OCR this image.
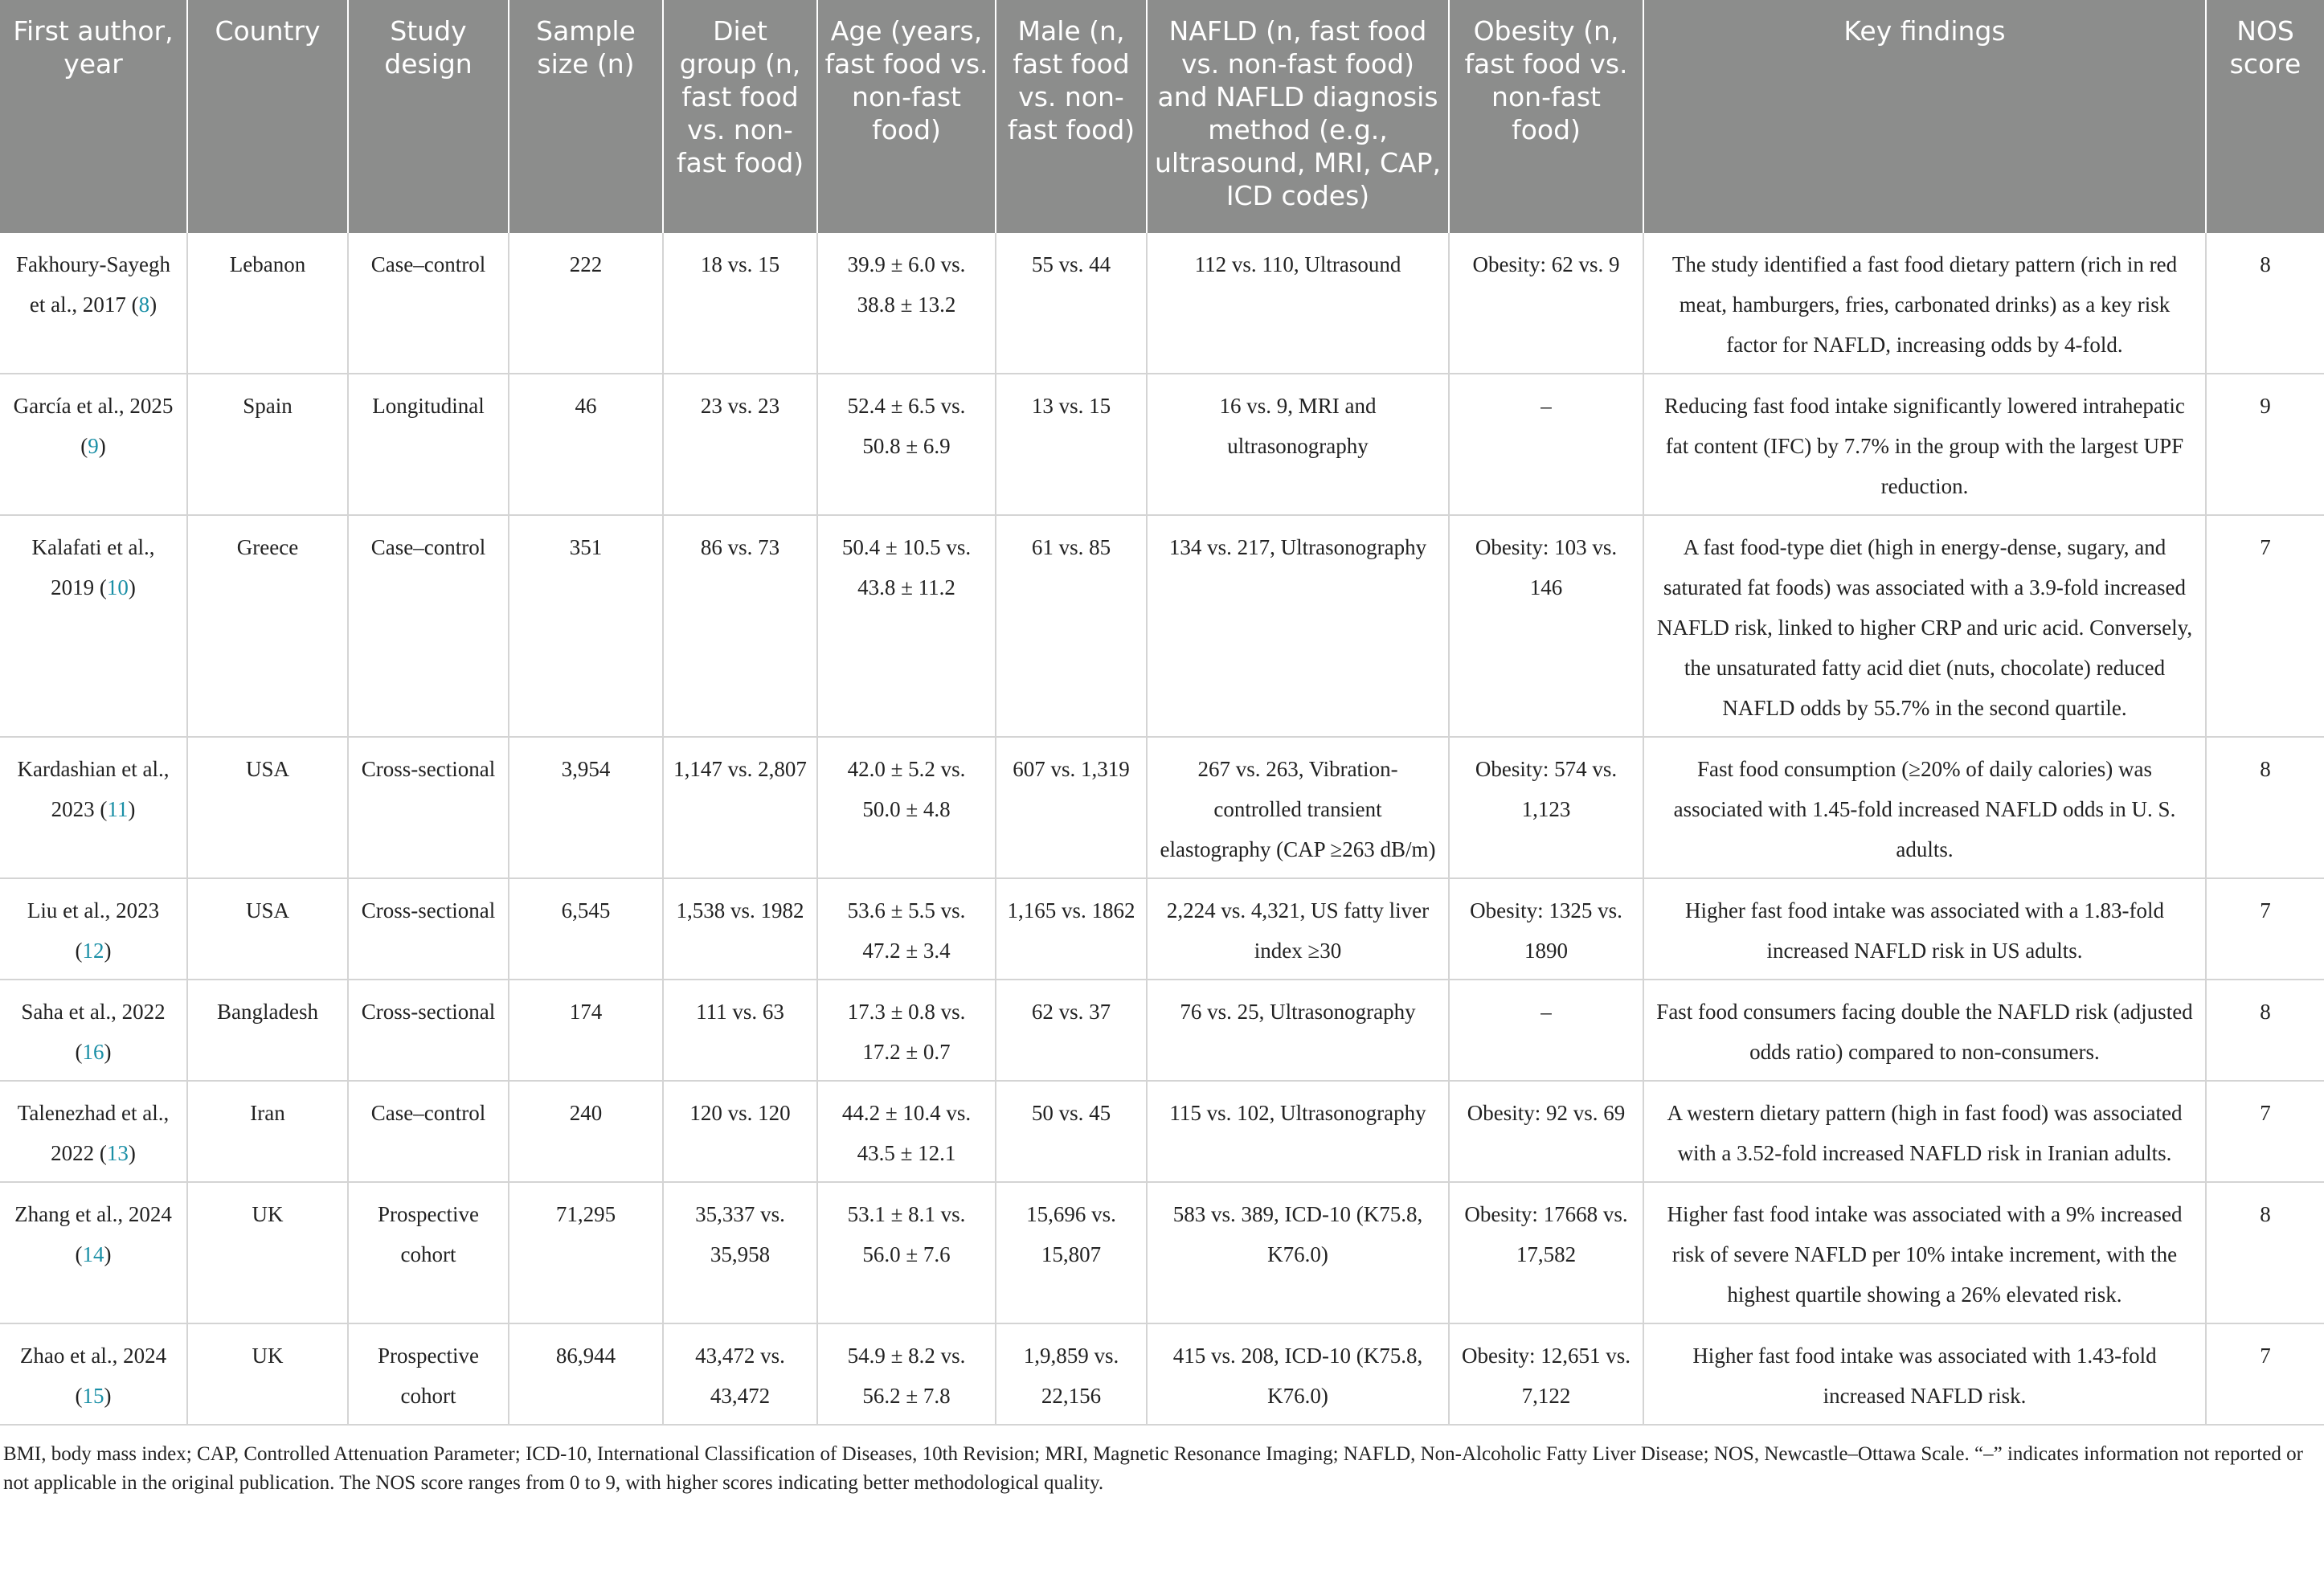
First author, year	Country	Study design	Sample size (n)	Diet group (n, fast food vs. non-fast food)	Age (years, fast food vs. non-fast food)	Male (n, fast food vs. non-fast food)	NAFLD (n, fast food vs. non-fast food) and NAFLD diagnosis method (e.g., ultrasound, MRI, CAP, ICD codes)	Obesity (n, fast food vs. non-fast food)	Key findings	NOS score
Fakhoury-Sayegh et al., 2017 (8)	Lebanon	Case–control	222	18 vs. 15	39.9 ± 6.0 vs. 38.8 ± 13.2	55 vs. 44	112 vs. 110, Ultrasound	Obesity: 62 vs. 9	The study identified a fast food dietary pattern (rich in red meat, hamburgers, fries, carbonated drinks) as a key risk factor for NAFLD, increasing odds by 4-fold.	8
García et al., 2025 (9)	Spain	Longitudinal	46	23 vs. 23	52.4 ± 6.5 vs. 50.8 ± 6.9	13 vs. 15	16 vs. 9, MRI and ultrasonography	–	Reducing fast food intake significantly lowered intrahepatic fat content (IFC) by 7.7% in the group with the largest UPF reduction.	9
Kalafati et al., 2019 (10)	Greece	Case–control	351	86 vs. 73	50.4 ± 10.5 vs. 43.8 ± 11.2	61 vs. 85	134 vs. 217, Ultrasonography	Obesity: 103 vs. 146	A fast food-type diet (high in energy-dense, sugary, and saturated fat foods) was associated with a 3.9-fold increased NAFLD risk, linked to higher CRP and uric acid. Conversely, the unsaturated fatty acid diet (nuts, chocolate) reduced NAFLD odds by 55.7% in the second quartile.	7
Kardashian et al., 2023 (11)	USA	Cross-sectional	3,954	1,147 vs. 2,807	42.0 ± 5.2 vs. 50.0 ± 4.8	607 vs. 1,319	267 vs. 263, Vibration-controlled transient elastography (CAP ≥263 dB/m)	Obesity: 574 vs. 1,123	Fast food consumption (≥20% of daily calories) was associated with 1.45-fold increased NAFLD odds in U. S. adults.	8
Liu et al., 2023 (12)	USA	Cross-sectional	6,545	1,538 vs. 1982	53.6 ± 5.5 vs. 47.2 ± 3.4	1,165 vs. 1862	2,224 vs. 4,321, US fatty liver index ≥30	Obesity: 1325 vs. 1890	Higher fast food intake was associated with a 1.83-fold increased NAFLD risk in US adults.	7
Saha et al., 2022 (16)	Bangladesh	Cross-sectional	174	111 vs. 63	17.3 ± 0.8 vs. 17.2 ± 0.7	62 vs. 37	76 vs. 25, Ultrasonography	–	Fast food consumers facing double the NAFLD risk (adjusted odds ratio) compared to non-consumers.	8
Talenezhad et al., 2022 (13)	Iran	Case–control	240	120 vs. 120	44.2 ± 10.4 vs. 43.5 ± 12.1	50 vs. 45	115 vs. 102, Ultrasonography	Obesity: 92 vs. 69	A western dietary pattern (high in fast food) was associated with a 3.52-fold increased NAFLD risk in Iranian adults.	7
Zhang et al., 2024 (14)	UK	Prospective cohort	71,295	35,337 vs. 35,958	53.1 ± 8.1 vs. 56.0 ± 7.6	15,696 vs. 15,807	583 vs. 389, ICD-10 (K75.8, K76.0)	Obesity: 17668 vs. 17,582	Higher fast food intake was associated with a 9% increased risk of severe NAFLD per 10% intake increment, with the highest quartile showing a 26% elevated risk.	8
Zhao et al., 2024 (15)	UK	Prospective cohort	86,944	43,472 vs. 43,472	54.9 ± 8.2 vs. 56.2 ± 7.8	1,9,859 vs. 22,156	415 vs. 208, ICD-10 (K75.8, K76.0)	Obesity: 12,651 vs. 7,122	Higher fast food intake was associated with 1.43-fold increased NAFLD risk.	7
BMI, body mass index; CAP, Controlled Attenuation Parameter; ICD-10, International Classification of Diseases, 10th Revision; MRI, Magnetic Resonance Imaging; NAFLD, Non-Alcoholic Fatty Liver Disease; NOS, Newcastle–Ottawa Scale. “–” indicates information not reported or not applicable in the original publication. The NOS score ranges from 0 to 9, with higher scores indicating better methodological quality.
